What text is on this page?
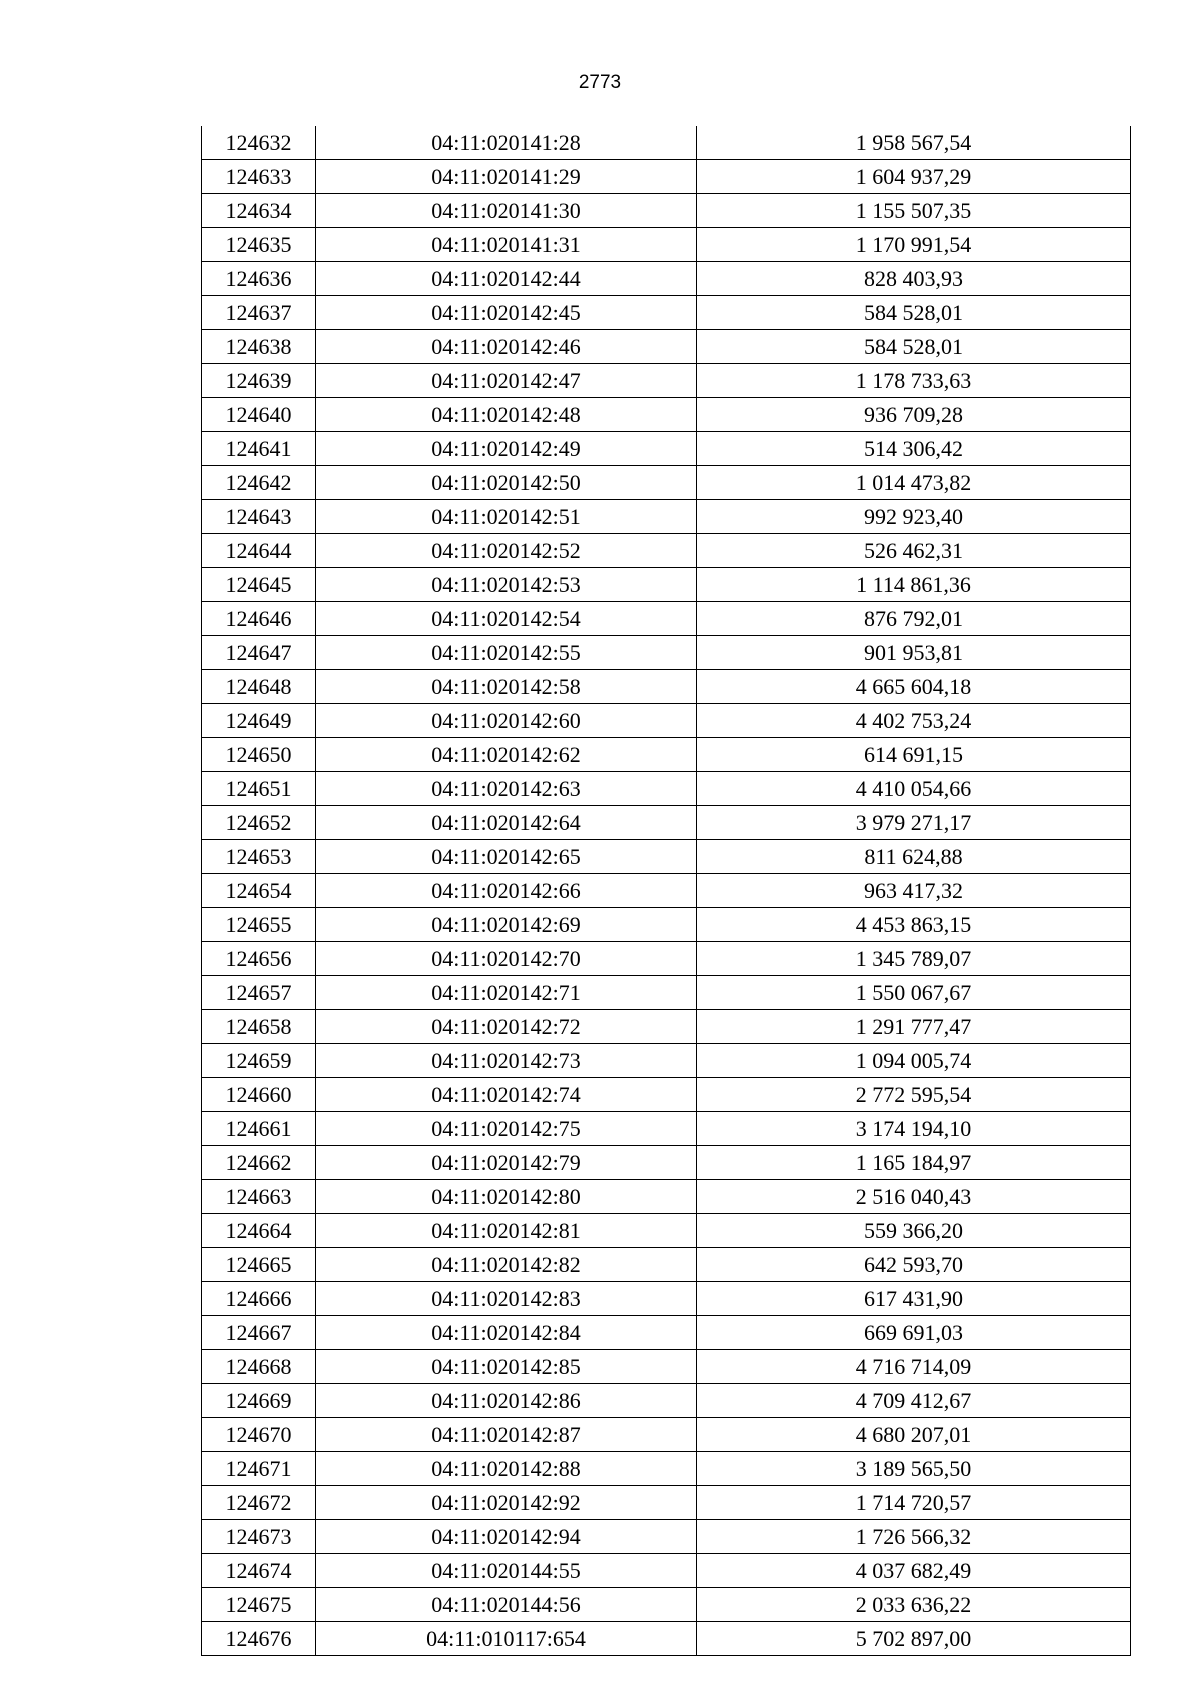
2773
124632	04:11:020141:28	1 958 567,54
124633	04:11:020141:29	1 604 937,29
124634	04:11:020141:30	1 155 507,35
124635	04:11:020141:31	1 170 991,54
124636	04:11:020142:44	828 403,93
124637	04:11:020142:45	584 528,01
124638	04:11:020142:46	584 528,01
124639	04:11:020142:47	1 178 733,63
124640	04:11:020142:48	936 709,28
124641	04:11:020142:49	514 306,42
124642	04:11:020142:50	1 014 473,82
124643	04:11:020142:51	992 923,40
124644	04:11:020142:52	526 462,31
124645	04:11:020142:53	1 114 861,36
124646	04:11:020142:54	876 792,01
124647	04:11:020142:55	901 953,81
124648	04:11:020142:58	4 665 604,18
124649	04:11:020142:60	4 402 753,24
124650	04:11:020142:62	614 691,15
124651	04:11:020142:63	4 410 054,66
124652	04:11:020142:64	3 979 271,17
124653	04:11:020142:65	811 624,88
124654	04:11:020142:66	963 417,32
124655	04:11:020142:69	4 453 863,15
124656	04:11:020142:70	1 345 789,07
124657	04:11:020142:71	1 550 067,67
124658	04:11:020142:72	1 291 777,47
124659	04:11:020142:73	1 094 005,74
124660	04:11:020142:74	2 772 595,54
124661	04:11:020142:75	3 174 194,10
124662	04:11:020142:79	1 165 184,97
124663	04:11:020142:80	2 516 040,43
124664	04:11:020142:81	559 366,20
124665	04:11:020142:82	642 593,70
124666	04:11:020142:83	617 431,90
124667	04:11:020142:84	669 691,03
124668	04:11:020142:85	4 716 714,09
124669	04:11:020142:86	4 709 412,67
124670	04:11:020142:87	4 680 207,01
124671	04:11:020142:88	3 189 565,50
124672	04:11:020142:92	1 714 720,57
124673	04:11:020142:94	1 726 566,32
124674	04:11:020144:55	4 037 682,49
124675	04:11:020144:56	2 033 636,22
124676	04:11:010117:654	5 702 897,00
